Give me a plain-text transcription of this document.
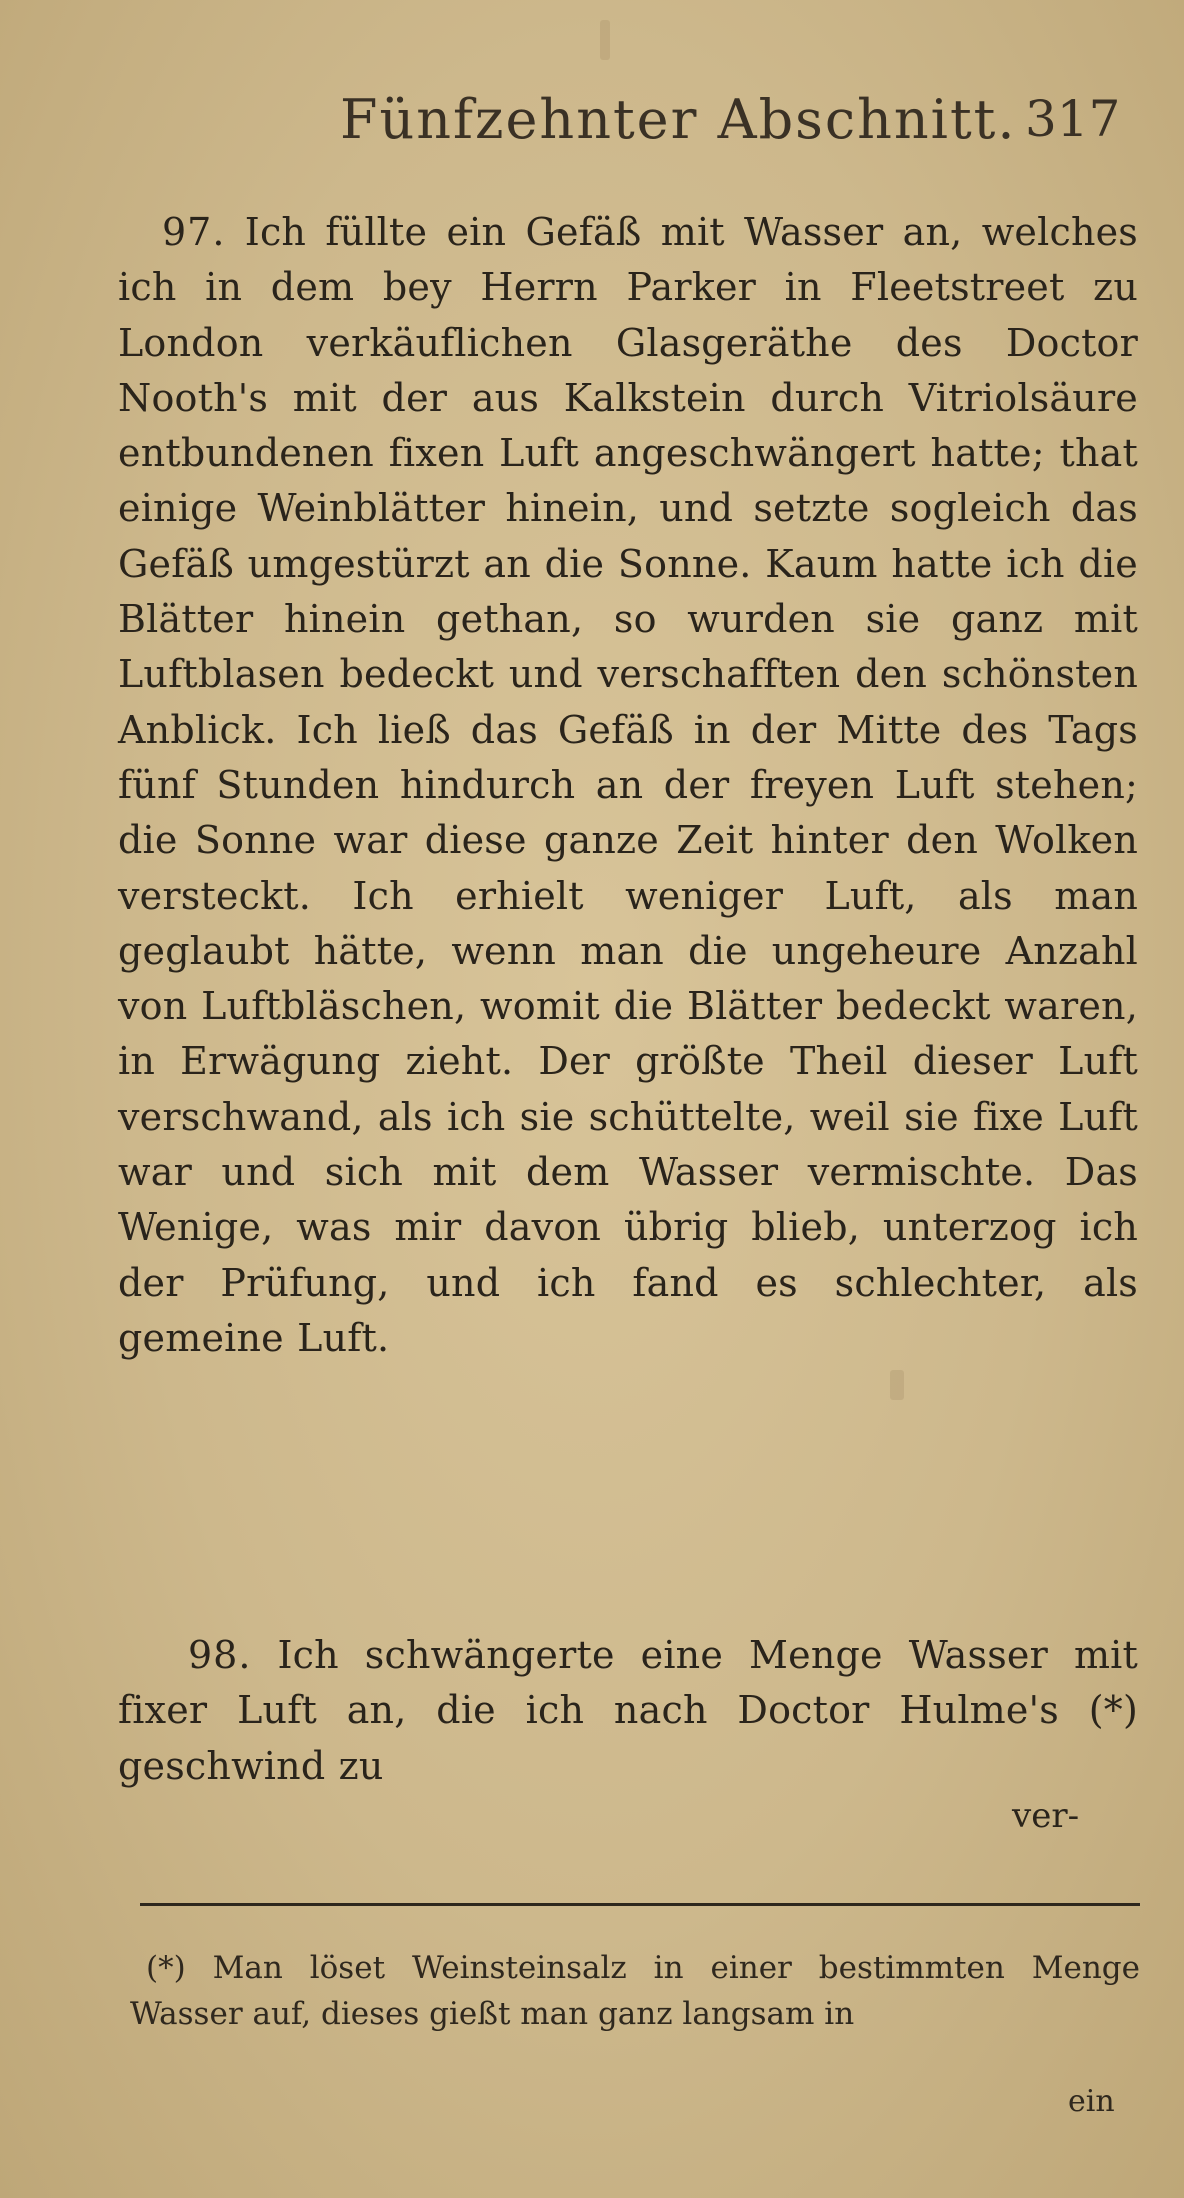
Fünfzehnter Abschnitt. 317

97. Ich füllte ein Gefäß mit Wasser an, welches ich in dem bey Herrn Parker in Fleetstreet zu London verkäuflichen Glasgeräthe des Doctor Nooth's mit der aus Kalkstein durch Vitriolsäure entbundenen fixen Luft angeschwängert hatte; that einige Weinblätter hinein, und setzte sogleich das Gefäß umgestürzt an die Sonne. Kaum hatte ich die Blätter hinein gethan, so wurden sie ganz mit Luftblasen bedeckt und verschafften den schönsten Anblick. Ich ließ das Gefäß in der Mitte des Tags fünf Stunden hindurch an der freyen Luft stehen; die Sonne war diese ganze Zeit hinter den Wolken versteckt. Ich erhielt weniger Luft, als man geglaubt hätte, wenn man die ungeheure Anzahl von Luftbläschen, womit die Blätter bedeckt waren, in Erwägung zieht. Der größte Theil dieser Luft verschwand, als ich sie schüttelte, weil sie fixe Luft war und sich mit dem Wasser vermischte. Das Wenige, was mir davon übrig blieb, unterzog ich der Prüfung, und ich fand es schlechter, als gemeine Luft.

98. Ich schwängerte eine Menge Wasser mit fixer Luft an, die ich nach Doctor Hulme's (*) geschwind zu

ver-

(*) Man löset Weinsteinsalz in einer bestimmten Menge Wasser auf, dieses gießt man ganz langsam in

ein
